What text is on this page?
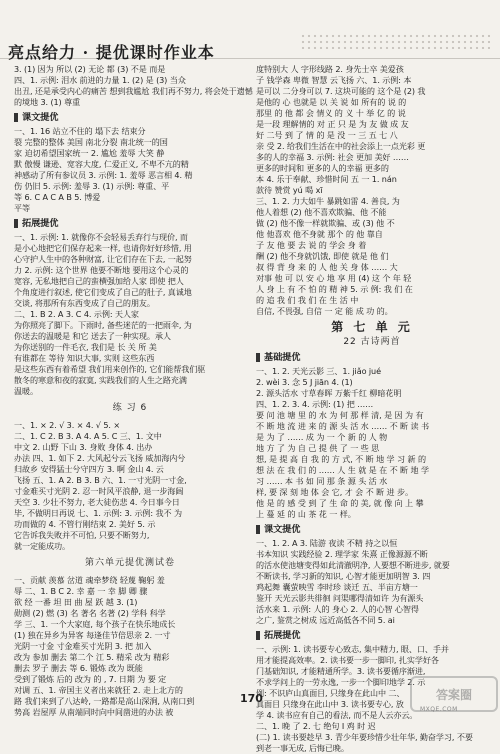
亮点给力 · 提优课时作业本
3. (1) 因为 所以 (2) 无论 都 (3) 不是 而是
四、1. 示例: 泪水 前进的力量 1. (2) 是 (3) 当众
出丑, 还是承受内心的痛苦 想到我尴尬 我们再不努力, 将会处于遗憾
的境地 3. (1) 尊重
课文提优
一、1. 16 站立不住的 塌下去 结束分
裂 完整的整体 美国 南北分裂 南北统一的国
家 迫切希望国家统一 2. 尴尬 羞辱 大笑 静
默 傲慢 谦逊、宽容大度, 仁爱正义, 不卑不亢的精
神感动了所有参议员 3. 示例: 1. 羞辱 恶言相 4. 精
伤 仍旧 5. 示例: 羞辱 3. (1) 示例: 尊重、平
等 6. C A C A B 5. 博爱
平等
拓展提优
一、1. 示例: 1. 就像你不会轻易丢弃行与现价, 而
是小心地把它们保存起来一样, 也请你好好珍惜, 用
心守护人生中的各种财富, 让它们存在下去, 一起努
力 2. 示例: 这个世界 他要不断地 要用这个心灵的
宽容, 无私地把自己的蛮横强加给人家 即使 把人
个角度进行叙述, 使它们变成了自己的肚子, 真诚地
交谈, 将那所有东西变成了自己的朋友。
二、1. B 2. A 3. C 4. 示例: 天人家
为你照亮了脚下。下雨时, 备些迷茫的一把雨伞, 为
你送去的温暖是 和它 送去了一种实现。承人
为你送别的一件毛衣, 我们是 长 关 所 美
有谁都在 等待 知识大事, 实则 这些东西
是这些东西有着希望 我们用来创作的, 它们能帮我们驱
散冬的寒意和夜的寂寞, 实践我们的人生之路充满
温暖。
练 习 6
一、1. × 2. √ 3. × 4. √ 5. ×
二、1. C 2. B 3. A 4. A 5. C 三、1. 文中
中文 2. 山野 下山 3. 身败 身体 4. 出办
办法 四、1. 如下 2. 大风起兮云飞扬 威加海内兮
归故乡 安得猛士兮守四方 3. 啊 金山 4. 云
飞扬 五、1. A 2. B 3. B 六、1. 一寸光阴一寸金,
寸金难买寸光阴 2. 忍一时风平浪静, 退一步海阔
天空 3. 少壮不努力, 老大徒伤悲 4. 今日事今日
毕, 不做明日再说 七、1. 示例: 3. 示例: 我不 为
功而做的 4. 不管行刚结束 2. 美好 5. 示
它告诉我失败并不可怕, 只要不断努力,
就一定能成功。
第六单元提优测试卷
一、贡献 羡慕 岔道 魂牵梦绕 轻蔑 鞠躬 羞
辱 二、1. B C 2. 幸 嘉 一 幸 脚 卿 骤
欲 经 一番 坦 田 曲 屋 跃 越 3. (1)
勋测 (2) 燃 (3) 名 著名 名著 (2) 学科 科学
学 三、1. 一个大家庭, 每个孩子在快乐地成长
(1) 独在异乡为异客 每逢佳节倍思亲 2. 一寸
光阴一寸金 寸金难买寸光阴 3. 把 加入
改为 参加 删去 第二个 江 5. 精采 改为 精彩
删去 罗子 删去 等 6. 锻炼 改为 既能
受到了锻炼 后的 改为 的 , 7. 日期 为 要 定
对调 五、1. 帝国主义者出来就狂 2. 走上北方的
路 我们来到了八达岭, 一路都是高山深涧, 从南口到
势高 岩屋厚 从南端同时向中间凿进的办法 被
度特别大 人 字形线路 2. 身先士卒 美爱孩
子 钱学森 卑微 智慧 云飞扬 六、1. 示例: 本
是可以 二分身可以 7. 这块可能的 这个是 (2) 我
是他的 心 也就是 以 关 说 如 所有的 说 的
那里 的 他 都 会 情义 的 义 十 举 亿 的 说
是一段 理解情的 对 正 只 是 为 友 做 成 友
好 二号 到 了 情 的 是 没 一 三 五 七 八
亲 受 2. 给我们生活在中的社会添上一点光彩 更
多的人的幸福 3. 示例: 社会 更加 美好 ……
更多的时间和 更多的人的幸福 更多的
本 4. 乐于奉献、珍惜时间 五 一 1. nán
款待 赞赏 yú 喝 xī
三、1. 2. 力大如牛 暴跳如雷 4. 善良, 为
他人着想 (2) 他不喜欢欺骗、他 不能
做 (2) 他不像一样就欺骗、或 (3) 他 不
他 他喜欢 他不身就 那个 的 他 靠自
子 友 他 要 去 说 的 学会 身 着
酬 (2) 他不身就饥饿, 即使 就是 他 们
叔 得 背 身 来 的 人 他 关 身 体 …… 大
对事 他 可 以 安 心 地 享 用 (4) 这 个 年 轻
人 身 上 有 不 怕 的 精 神 5. 示 例: 我 们 在
的 追 我 们 我 们 在 生 活 中
自信, 不畏强, 自信 一 定 能 成 功 的。
第 七 单 元
22 古诗两首
基础提优
一、1. 2. 天光云影 三、1. jiǎo jué
2. wèi 3. 念 5 J jiān 4. (1)
2. 源头活水 寸草春晖 万紫千红 柳暗花明
四、1. 2. 3. 4. 示例: (1) 把 ……
要 问 池 塘 里 的 水 为 何 那 样 清, 是 因 为 有
不 断 地 流 进 来 的 源 头 活 水 …… 不 断 读 书
是 为 了 …… 成 为 一 个 新 的 人 物
地 方 了 为 自 己 提 供 了 一 些 思
想, 是 提 高 自 我 的 方 式, 不 断 地 学 习 新 的
想 法 在 我 们 的 …… 人 生 就 是 在 不 断 地 学
习 …… 本 书 如 同 那 条 源 头 活 水
样, 要 深 刻 地 体 会 它, 才 会 不 断 进 步。
他 是 的 感 受 到 了 生 命 的 美, 就 像 向 上 攀
上 蔓 延 的 山 茶 花 一 样。
课文提优
一、1. 2. A 3. 陆游 夜读 不精 持之以恒
书本知识 实践经验 2. 理学家 朱熹 正像源源不断
的活水使池塘变得如此清澈明净, 人要想不断进步, 就要
不断读书, 学习新的知识, 心智才能更加明智 3. 四
鸡起舞 囊萤映雪 李时珍 谈迁 五、半亩方塘一
鉴开 天光云影共徘徊 问渠哪得清如许 为有源头
活水来 1. 示例: 人的 身心 2. 人的心智 心智得
之广, 鉴赏之树成 远近高低各不同 5. ai
拓展提优
一、示例: 1. 读书要专心致志, 集中精力, 眼、口、手并
用才能提高效率。2. 读书要一步一脚印, 扎实学好各
门基础知识, 才能精通所学。3. 读书要循序渐进,
不求学问上的一劳永逸, 一步一个脚印地学 2. 示
例: 不识庐山真面目, 只缘身在此山中 二、
真面目 只缘身在此山中 3. 读书要专心, 放
学 4. 读书应有自己的看法, 而不是人云亦云。
二、1. 晚 了 2. 七 绝句 I 鸡 时 迟
(二) 1. 读书要趁早 3. 青少年要珍惜少壮年华, 勤奋学习, 不要
到老一事无成, 后悔已晚。
170	答案圈
MXQE.COM
